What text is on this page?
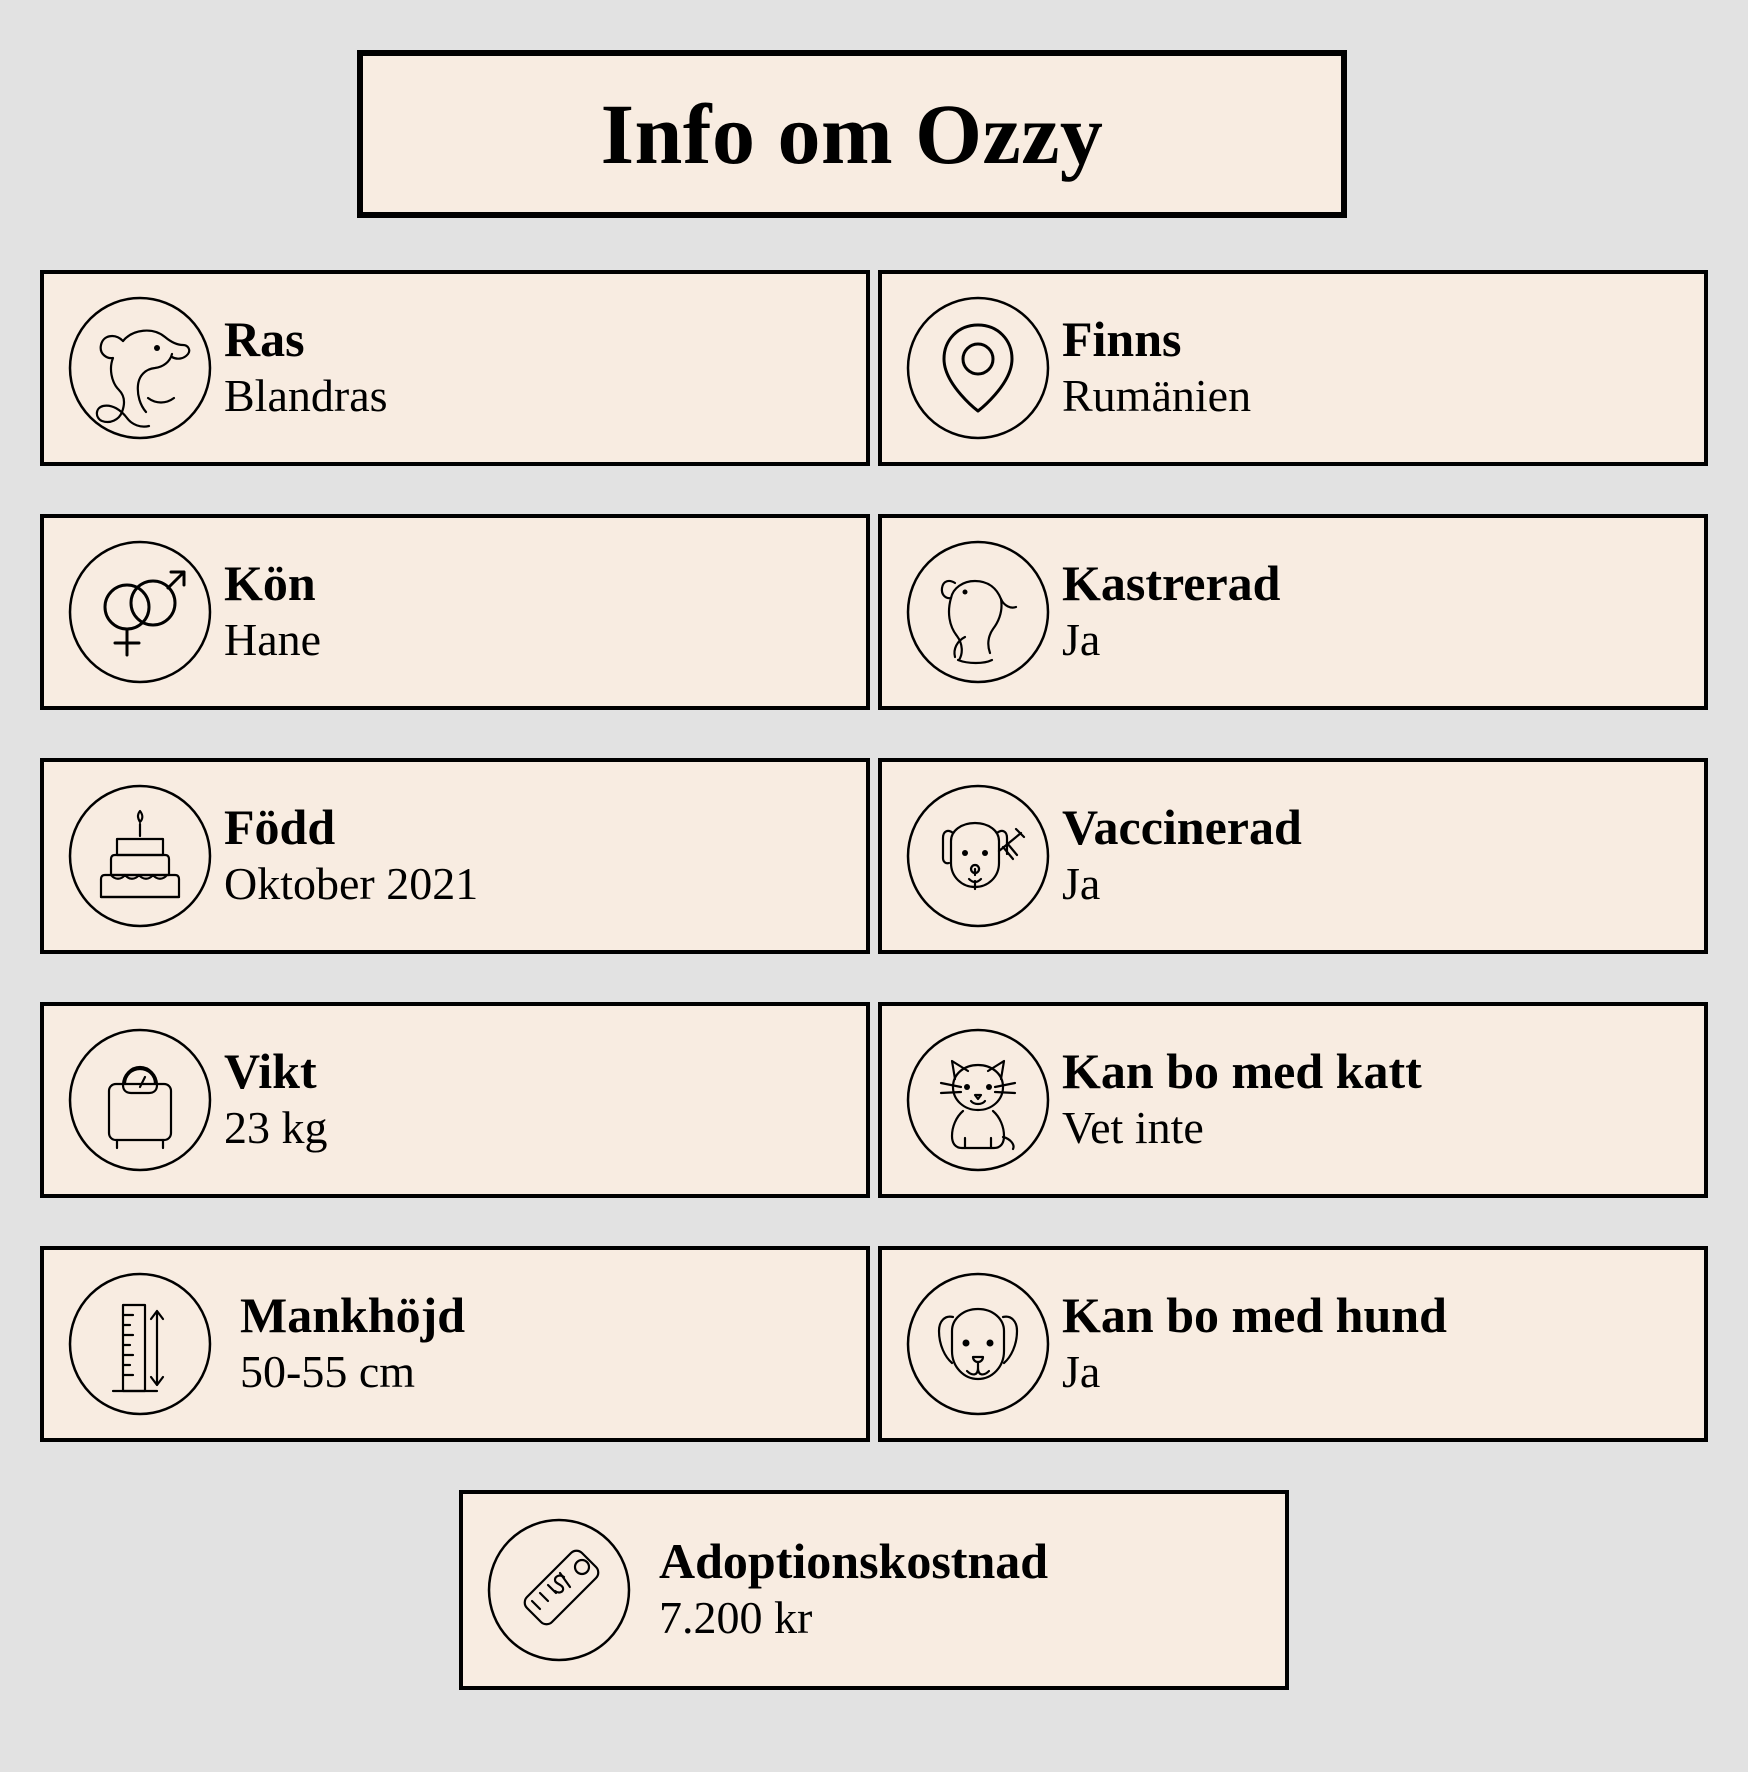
Info om Ozzy
Ras
Blandras
Finns
Rumänien
Kön
Hane
Kastrerad
Ja
Född
Oktober 2021
Vaccinerad
Ja
Vikt
23 kg
Kan bo med katt
Vet inte
Mankhöjd
50-55 cm
Kan bo med hund
Ja
Adoptionskostnad
7.200 kr
